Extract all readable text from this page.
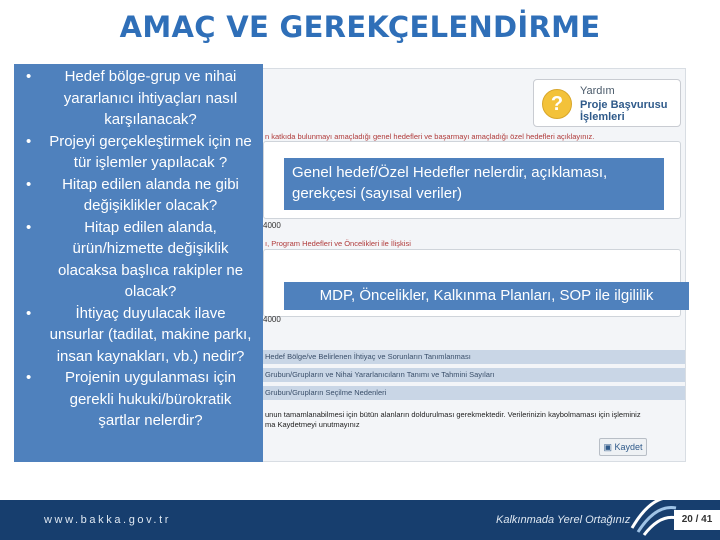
AMAÇ VE GEREKÇELENDİRME
?
Yardım
Proje Başvurusu
İşlemleri
n katkıda bulunmayı amaçladığı genel hedefleri ve başarmayı amaçladığı özel hedefleri açıklayınız.
4000
ı, Program Hedefleri ve Öncelikleri ile İlişkisi
4000
Hedef Bölge/ve Belirlenen İhtiyaç ve Sorunların Tanımlanması
Grubun/Grupların ve Nihai Yararlanıcıların Tanımı ve Tahmini Sayıları
Grubun/Grupların Seçilme Nedenleri
unun tamamlanabilmesi için bütün alanların doldurulması gerekmektedir. Verilerinizin kaybolmaması için işleminiz
ma Kaydetmeyi unutmayınız
▣ Kaydet
• Hedef bölge-grup ve nihai yararlanıcı ihtiyaçları nasıl karşılanacak?
• Projeyi gerçekleştirmek için ne tür işlemler yapılacak ?
• Hitap edilen alanda ne gibi değişiklikler olacak?
•	Hitap edilen alanda, ürün/hizmette değişiklik olacaksa başlıca rakipler ne olacak?
•	İhtiyaç duyulacak ilave unsurlar (tadilat, makine parkı, insan kaynakları, vb.) nedir?
• Projenin uygulanması için gerekli hukuki/bürokratik şartlar nelerdir?
Genel hedef/Özel Hedefler nelerdir, açıklaması, gerekçesi (sayısal veriler)
MDP, Öncelikler, Kalkınma Planları, SOP ile ilgililik
www.bakka.gov.tr	Kalkınmada Yerel Ortağınız	20 / 41
